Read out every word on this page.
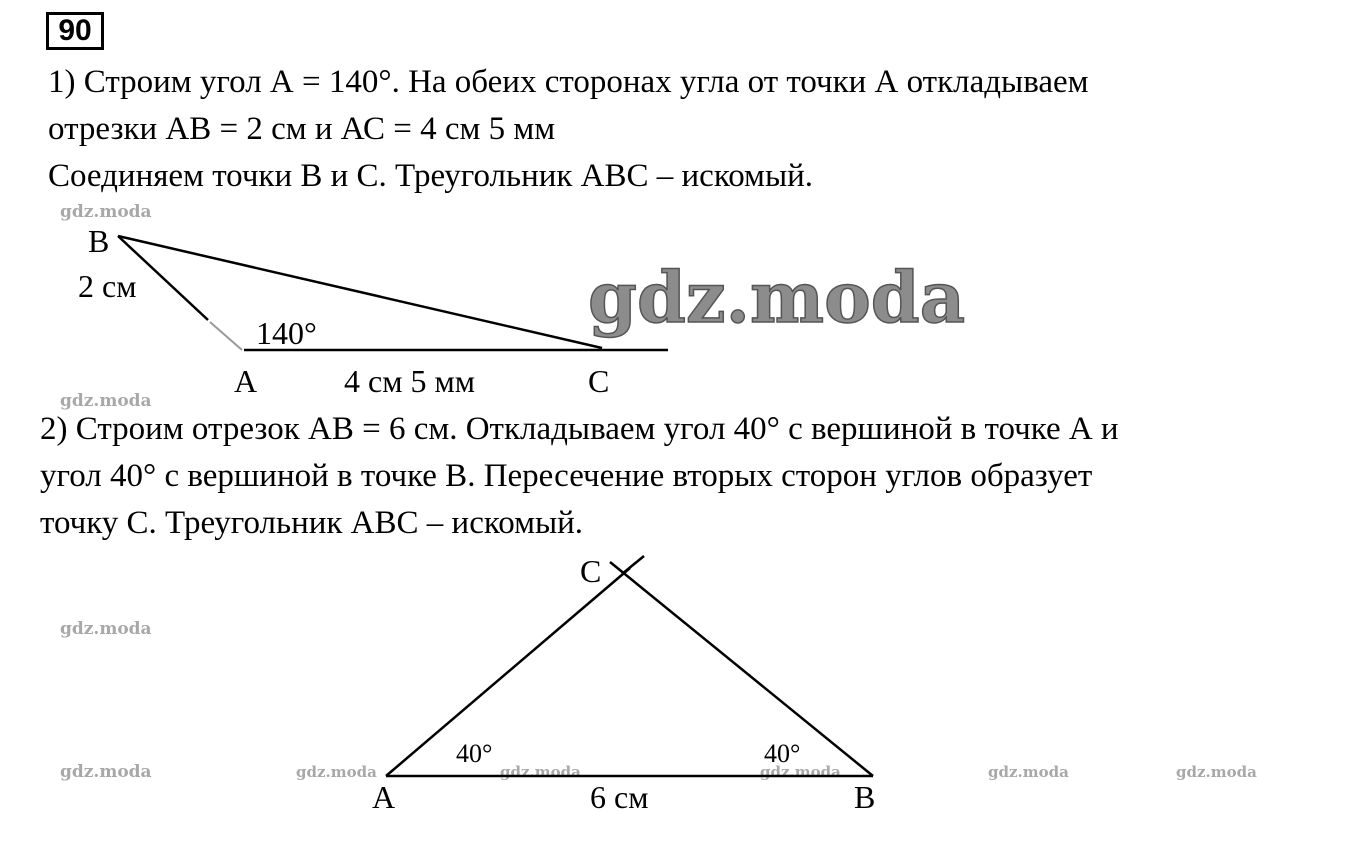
90
1) Строим угол А = 140°. На обеих сторонах угла от точки А откладываем
отрезки АВ = 2 см и АС = 4 см 5 мм
Соединяем точки В и С. Треугольник АВС – искомый.
2) Строим отрезок АВ = 6 см. Откладываем угол 40° с вершиной в точке А и
угол 40° с вершиной в точке В. Пересечение вторых сторон углов образует
точку С. Треугольник АВС – искомый.
gdz.moda
gdz.moda
gdz.moda
gdz.moda	gdz.moda	gdz.moda	gdz.moda	gdz.moda	gdz.moda
gdz.moda
В
2 см
140°
А	4 см 5 мм	С
С
40°	40°
А	6 см	В
